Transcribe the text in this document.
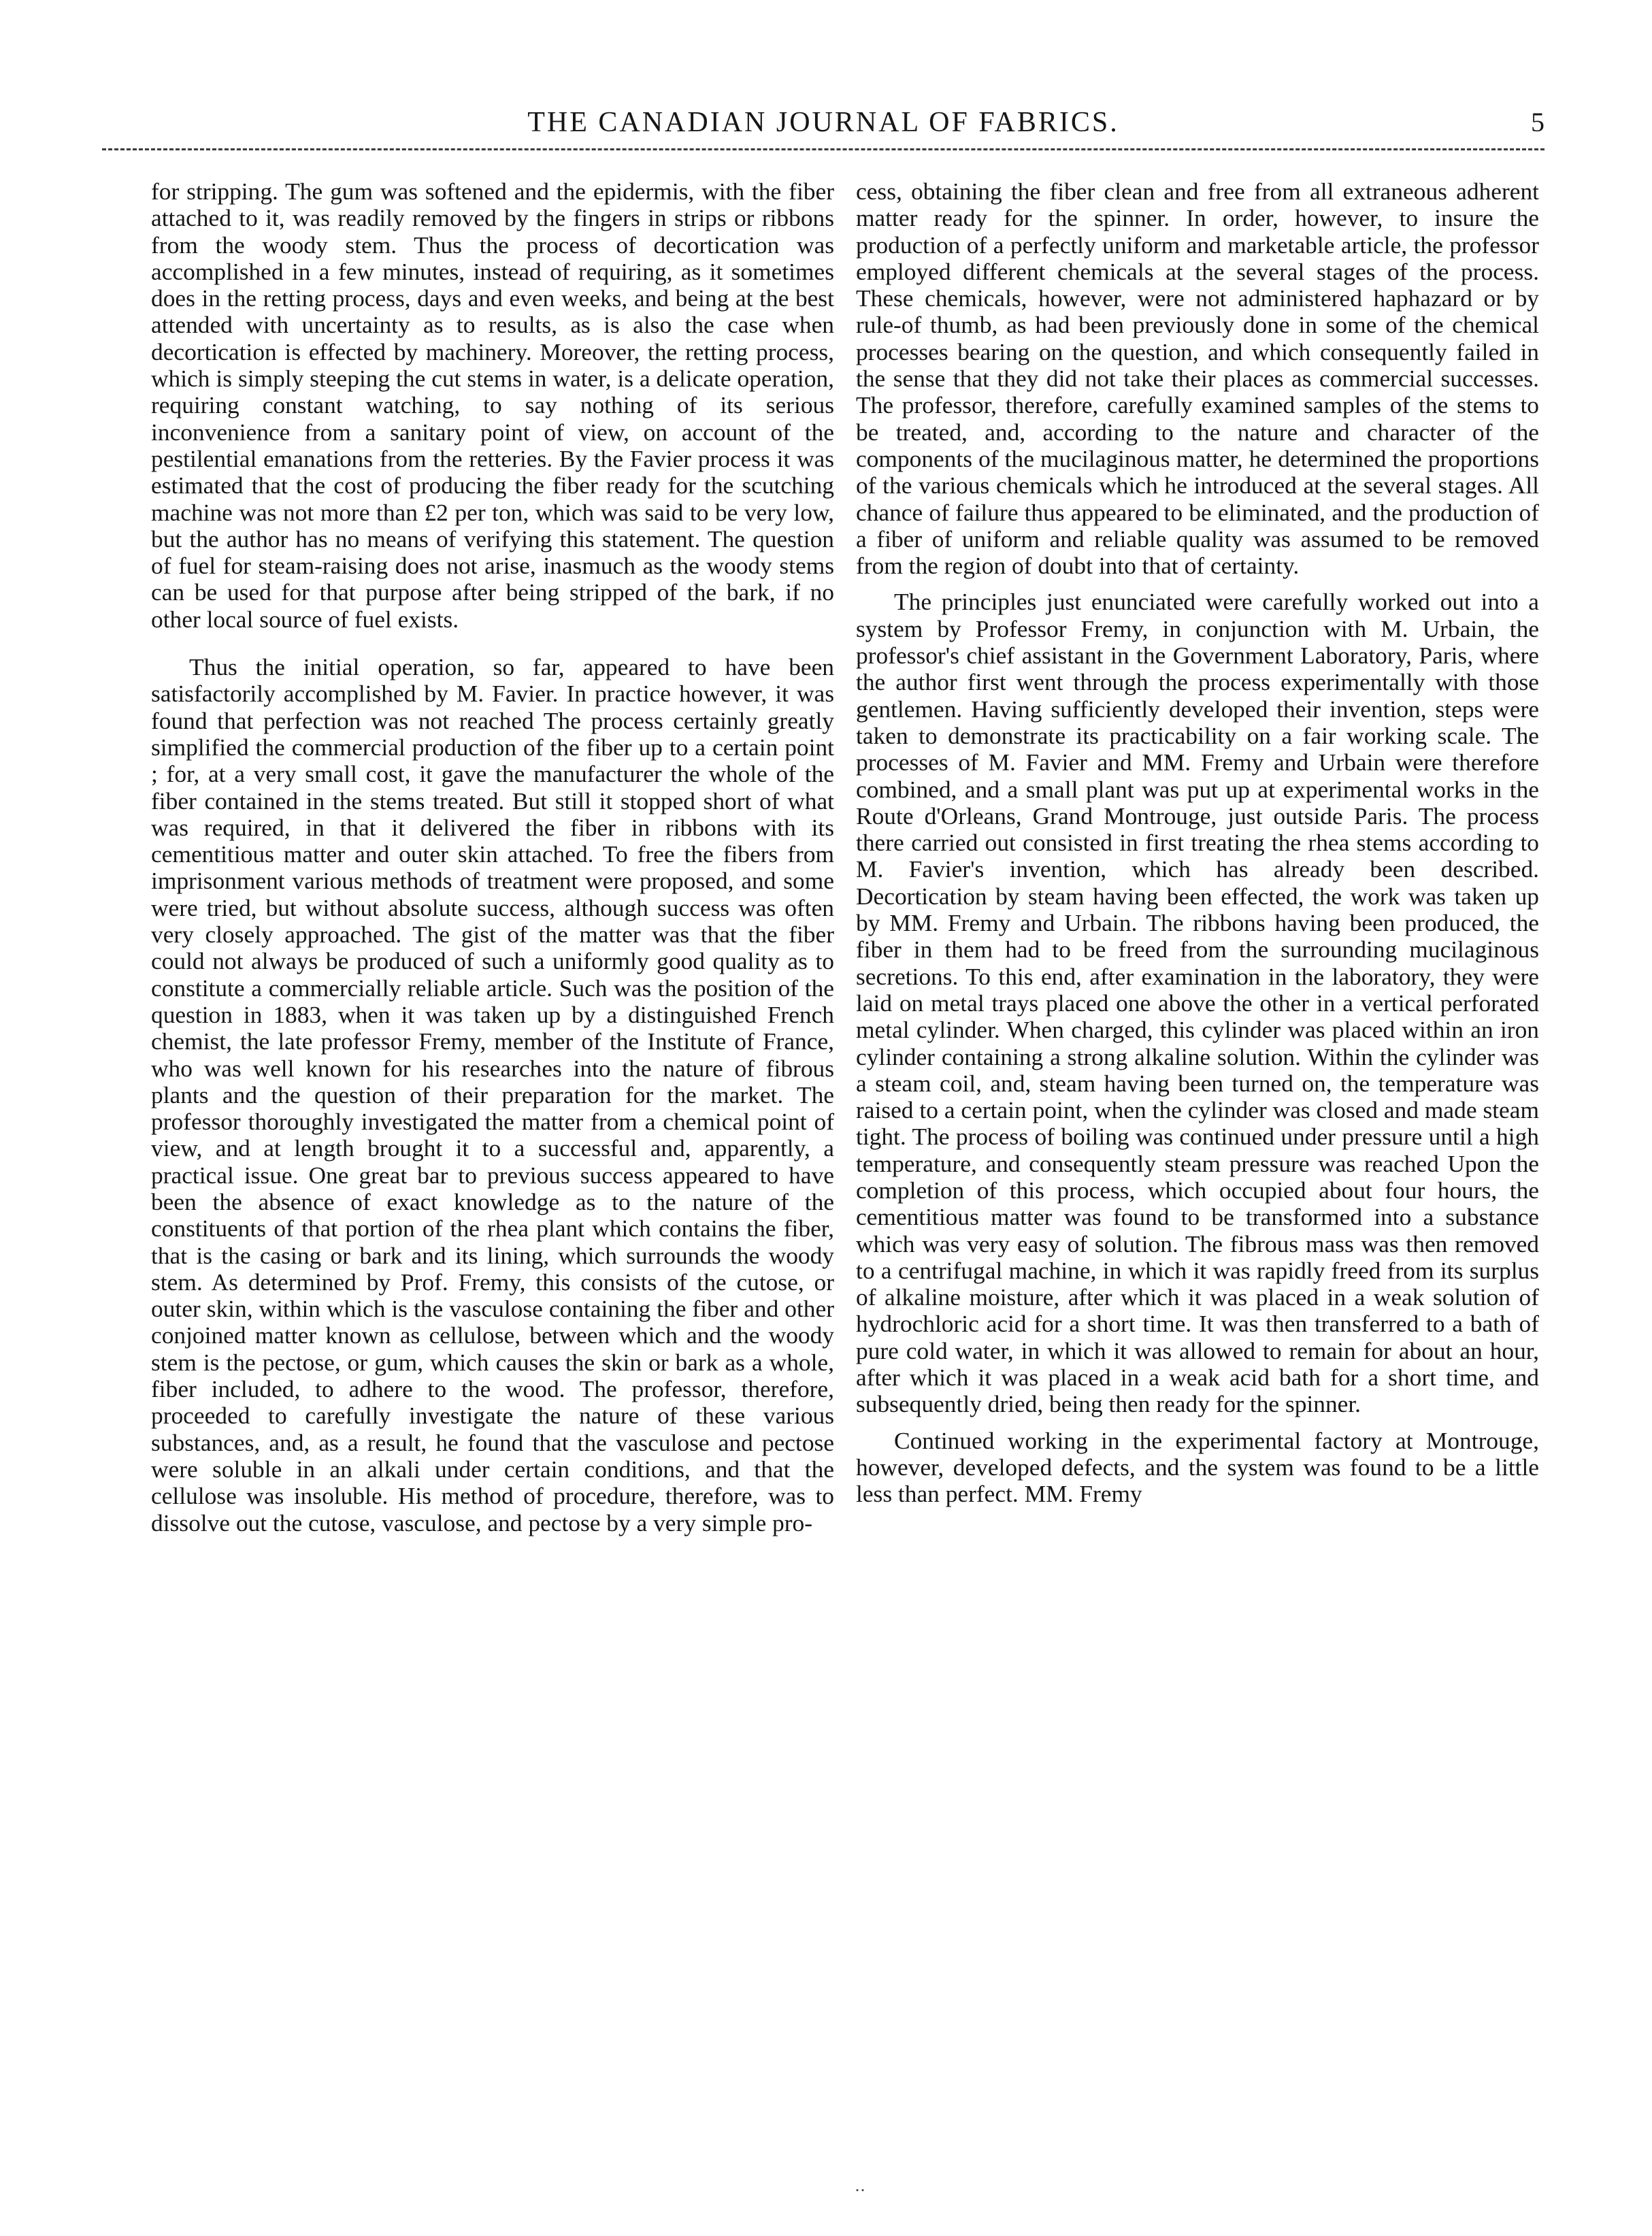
THE CANADIAN JOURNAL OF FABRICS.	5

for stripping. The gum was softened and the epidermis, with the fiber attached to it, was readily removed by the fingers in strips or ribbons from the woody stem. Thus the process of decortication was accomplished in a few minutes, instead of requiring, as it sometimes does in the retting process, days and even weeks, and being at the best attended with uncertainty as to results, as is also the case when decortication is effected by machinery. Moreover, the retting process, which is simply steeping the cut stems in water, is a delicate operation, requiring constant watching, to say nothing of its serious inconvenience from a sanitary point of view, on account of the pestilential emanations from the retteries. By the Favier process it was estimated that the cost of producing the fiber ready for the scutching machine was not more than £2 per ton, which was said to be very low, but the author has no means of verifying this statement. The question of fuel for steam-raising does not arise, inasmuch as the woody stems can be used for that purpose after being stripped of the bark, if no other local source of fuel exists.

Thus the initial operation, so far, appeared to have been satisfactorily accomplished by M. Favier. In practice however, it was found that perfection was not reached The process certainly greatly simplified the commercial production of the fiber up to a certain point ; for, at a very small cost, it gave the manufacturer the whole of the fiber contained in the stems treated. But still it stopped short of what was required, in that it delivered the fiber in ribbons with its cementitious matter and outer skin attached. To free the fibers from imprisonment various methods of treatment were proposed, and some were tried, but without absolute success, although success was often very closely approached. The gist of the matter was that the fiber could not always be produced of such a uniformly good quality as to constitute a commercially reliable article. Such was the position of the question in 1883, when it was taken up by a distinguished French chemist, the late professor Fremy, member of the Institute of France, who was well known for his researches into the nature of fibrous plants and the question of their preparation for the market. The professor thoroughly investigated the matter from a chemical point of view, and at length brought it to a successful and, apparently, a practical issue. One great bar to previous success appeared to have been the absence of exact knowledge as to the nature of the constituents of that portion of the rhea plant which contains the fiber, that is the casing or bark and its lining, which surrounds the woody stem. As determined by Prof. Fremy, this consists of the cutose, or outer skin, within which is the vasculose containing the fiber and other conjoined matter known as cellulose, between which and the woody stem is the pectose, or gum, which causes the skin or bark as a whole, fiber included, to adhere to the wood. The professor, therefore, proceeded to carefully investigate the nature of these various substances, and, as a result, he found that the vasculose and pectose were soluble in an alkali under certain conditions, and that the cellulose was insoluble. His method of procedure, therefore, was to dissolve out the cutose, vasculose, and pectose by a very simple pro-

cess, obtaining the fiber clean and free from all extraneous adherent matter ready for the spinner. In order, however, to insure the production of a perfectly uniform and marketable article, the professor employed different chemicals at the several stages of the process. These chemicals, however, were not administered haphazard or by rule-of thumb, as had been previously done in some of the chemical processes bearing on the question, and which consequently failed in the sense that they did not take their places as commercial successes. The professor, therefore, carefully examined samples of the stems to be treated, and, according to the nature and character of the components of the mucilaginous matter, he determined the proportions of the various chemicals which he introduced at the several stages. All chance of failure thus appeared to be eliminated, and the production of a fiber of uniform and reliable quality was assumed to be removed from the region of doubt into that of certainty.

The principles just enunciated were carefully worked out into a system by Professor Fremy, in conjunction with M. Urbain, the professor's chief assistant in the Government Laboratory, Paris, where the author first went through the process experimentally with those gentlemen. Having sufficiently developed their invention, steps were taken to demonstrate its practicability on a fair working scale. The processes of M. Favier and MM. Fremy and Urbain were therefore combined, and a small plant was put up at experimental works in the Route d'Orleans, Grand Montrouge, just outside Paris. The process there carried out consisted in first treating the rhea stems according to M. Favier's invention, which has already been described. Decortication by steam having been effected, the work was taken up by MM. Fremy and Urbain. The ribbons having been produced, the fiber in them had to be freed from the surrounding mucilaginous secretions. To this end, after examination in the laboratory, they were laid on metal trays placed one above the other in a vertical perforated metal cylinder. When charged, this cylinder was placed within an iron cylinder containing a strong alkaline solution. Within the cylinder was a steam coil, and, steam having been turned on, the temperature was raised to a certain point, when the cylinder was closed and made steam tight. The process of boiling was continued under pressure until a high temperature, and consequently steam pressure was reached Upon the completion of this process, which occupied about four hours, the cementitious matter was found to be transformed into a substance which was very easy of solution. The fibrous mass was then removed to a centrifugal machine, in which it was rapidly freed from its surplus of alkaline moisture, after which it was placed in a weak solution of hydrochloric acid for a short time. It was then transferred to a bath of pure cold water, in which it was allowed to remain for about an hour, after which it was placed in a weak acid bath for a short time, and subsequently dried, being then ready for the spinner.

Continued working in the experimental factory at Montrouge, however, developed defects, and the system was found to be a little less than perfect. MM. Fremy

․․
